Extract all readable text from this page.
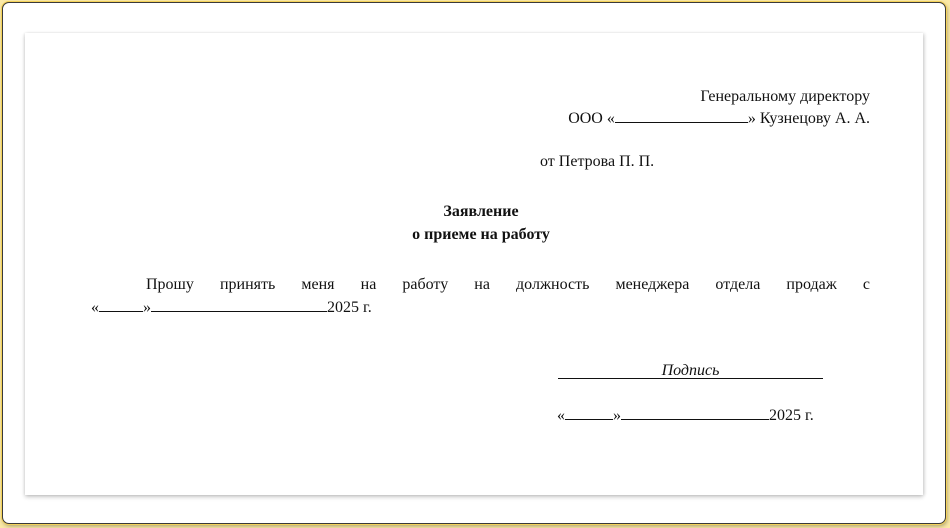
Генеральному директору
ООО «	» Кузнецову А. А.
от Петрова П. П.
Заявление
о приеме на работу
Прошу принять меня на работу на должность менеджера отдела продаж с
«	»	2025 г.
Подпись
«	»	2025 г.
